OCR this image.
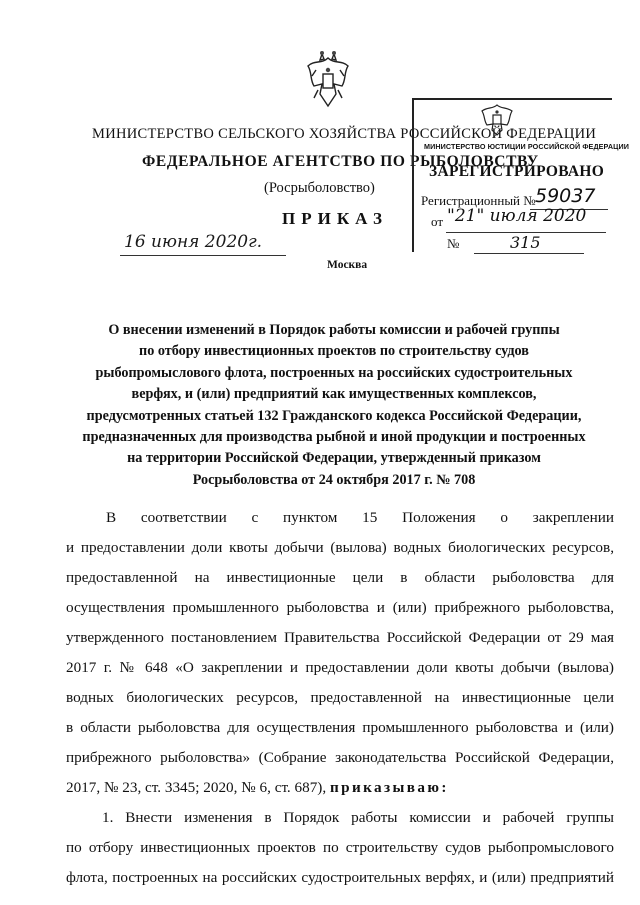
МИНИСТЕРСТВО СЕЛЬСКОГО ХОЗЯЙСТВА РОССИЙСКОЙ ФЕДЕРАЦИИ
ФЕДЕРАЛЬНОЕ АГЕНТСТВО ПО РЫБОЛОВСТВУ
(Росрыболовство)
ПРИКАЗ
16 июня 2020г.
Москва
МИНИСТЕРСТВО ЮСТИЦИИ РОССИЙСКОЙ ФЕДЕРАЦИИ
ЗАРЕГИСТРИРОВАНО
Регистрационный № 59037
от "21" июля 2020
№	315
О внесении изменений в Порядок работы комиссии и рабочей группы
по отбору инвестиционных проектов по строительству судов
рыбопромыслового флота, построенных на российских судостроительных
верфях, и (или) предприятий как имущественных комплексов,
предусмотренных статьей 132 Гражданского кодекса Российской Федерации,
предназначенных для производства рыбной и иной продукции и построенных
на территории Российской Федерации, утвержденный приказом
Росрыболовства от 24 октября 2017 г. № 708
В соответствии с пунктом 15 Положения о закреплении
и предоставлении доли квоты добычи (вылова) водных биологических ресурсов,
предоставленной на инвестиционные цели в области рыболовства для
осуществления промышленного рыболовства и (или) прибрежного рыболовства,
утвержденного постановлением Правительства Российской Федерации от 29 мая
2017 г. № 648 «О закреплении и предоставлении доли квоты добычи (вылова)
водных биологических ресурсов, предоставленной на инвестиционные цели
в области рыболовства для осуществления промышленного рыболовства и (или)
прибрежного рыболовства» (Собрание законодательства Российской Федерации,
2017, № 23, ст. 3345; 2020, № 6, ст. 687), приказываю:
1. Внести изменения в Порядок работы комиссии и рабочей группы
по отбору инвестиционных проектов по строительству судов рыбопромыслового
флота, построенных на российских судостроительных верфях, и (или) предприятий
